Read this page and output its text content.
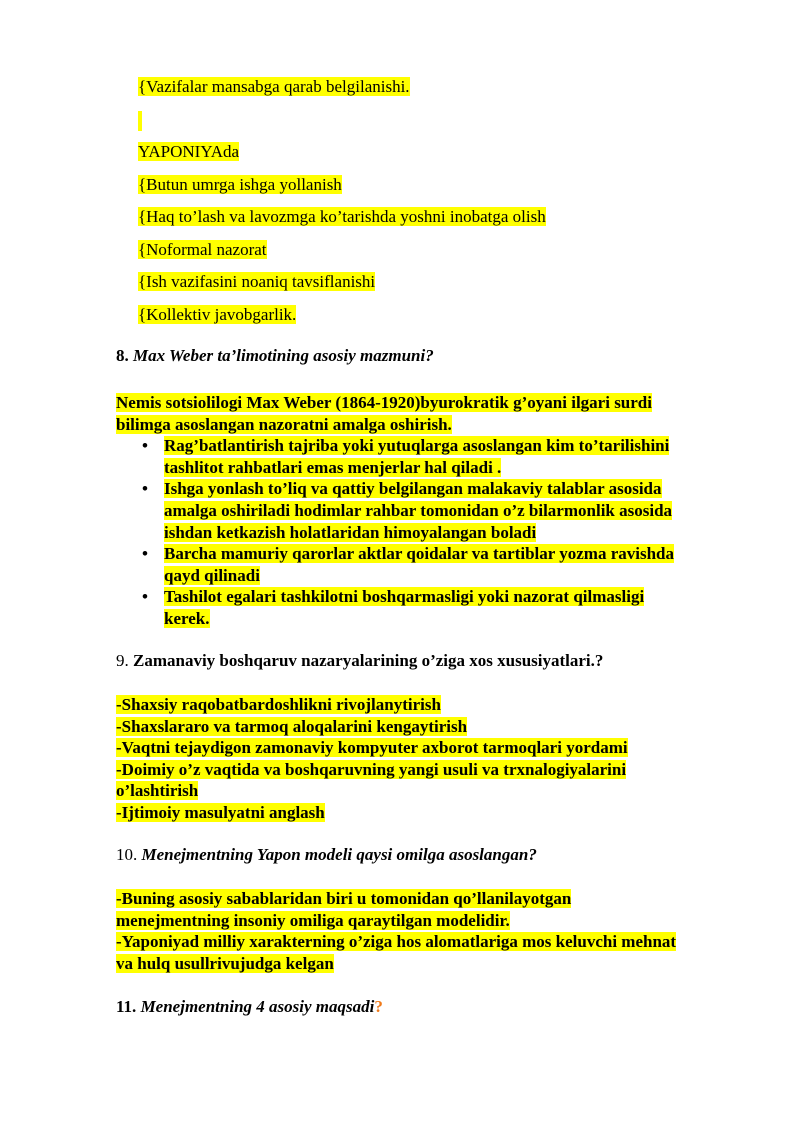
{Vazifalar mansabga qarab belgilanishi.
YAPONIYAda
{Butun umrga ishga yollanish
{Haq to’lash va lavozmga ko’tarishda yoshni inobatga olish
{Noformal nazorat
{Ish vazifasini noaniq tavsiflanishi
{Kollektiv javobgarlik.
8. Max Weber ta’limotining asosiy mazmuni?
Nemis sotsiolilogi Max Weber (1864-1920)byurokratik g’oyani ilgari surdi
bilimga asoslangan nazoratni amalga oshirish.
• Rag’batlantirish tajriba yoki yutuqlarga asoslangan kim to’tarilishini
tashlitot rahbatlari emas menjerlar hal qiladi .
• Ishga yonlash to’liq va qattiy belgilangan malakaviy talablar asosida
amalga oshiriladi hodimlar rahbar tomonidan o’z bilarmonlik asosida
ishdan ketkazish holatlaridan himoyalangan boladi
• Barcha mamuriy qarorlar aktlar qoidalar va tartiblar yozma ravishda
qayd qilinadi
• Tashilot egalari tashkilotni boshqarmasligi yoki nazorat qilmasligi
kerek.
9. Zamanaviy boshqaruv nazaryalarining o’ziga xos xususiyatlari.?
-Shaxsiy raqobatbardoshlikni rivojlanytirish
-Shaxslararo va tarmoq aloqalarini kengaytirish
-Vaqtni tejaydigon zamonaviy kompyuter axborot tarmoqlari yordami
-Doimiy o’z vaqtida va boshqaruvning yangi usuli va trxnalogiyalarini
o’lashtirish
-Ijtimoiy masulyatni anglash
10. Menejmentning Yapon modeli qaysi omilga asoslangan?
-Buning asosiy sabablaridan biri u tomonidan qo’llanilayotgan
menejmentning insoniy omiliga qaraytilgan modelidir.
-Yaponiyad milliy xarakterning o’ziga hos alomatlariga mos keluvchi mehnat
va hulq usullrivujudga kelgan
11. Menejmentning 4 asosiy maqsadi?
